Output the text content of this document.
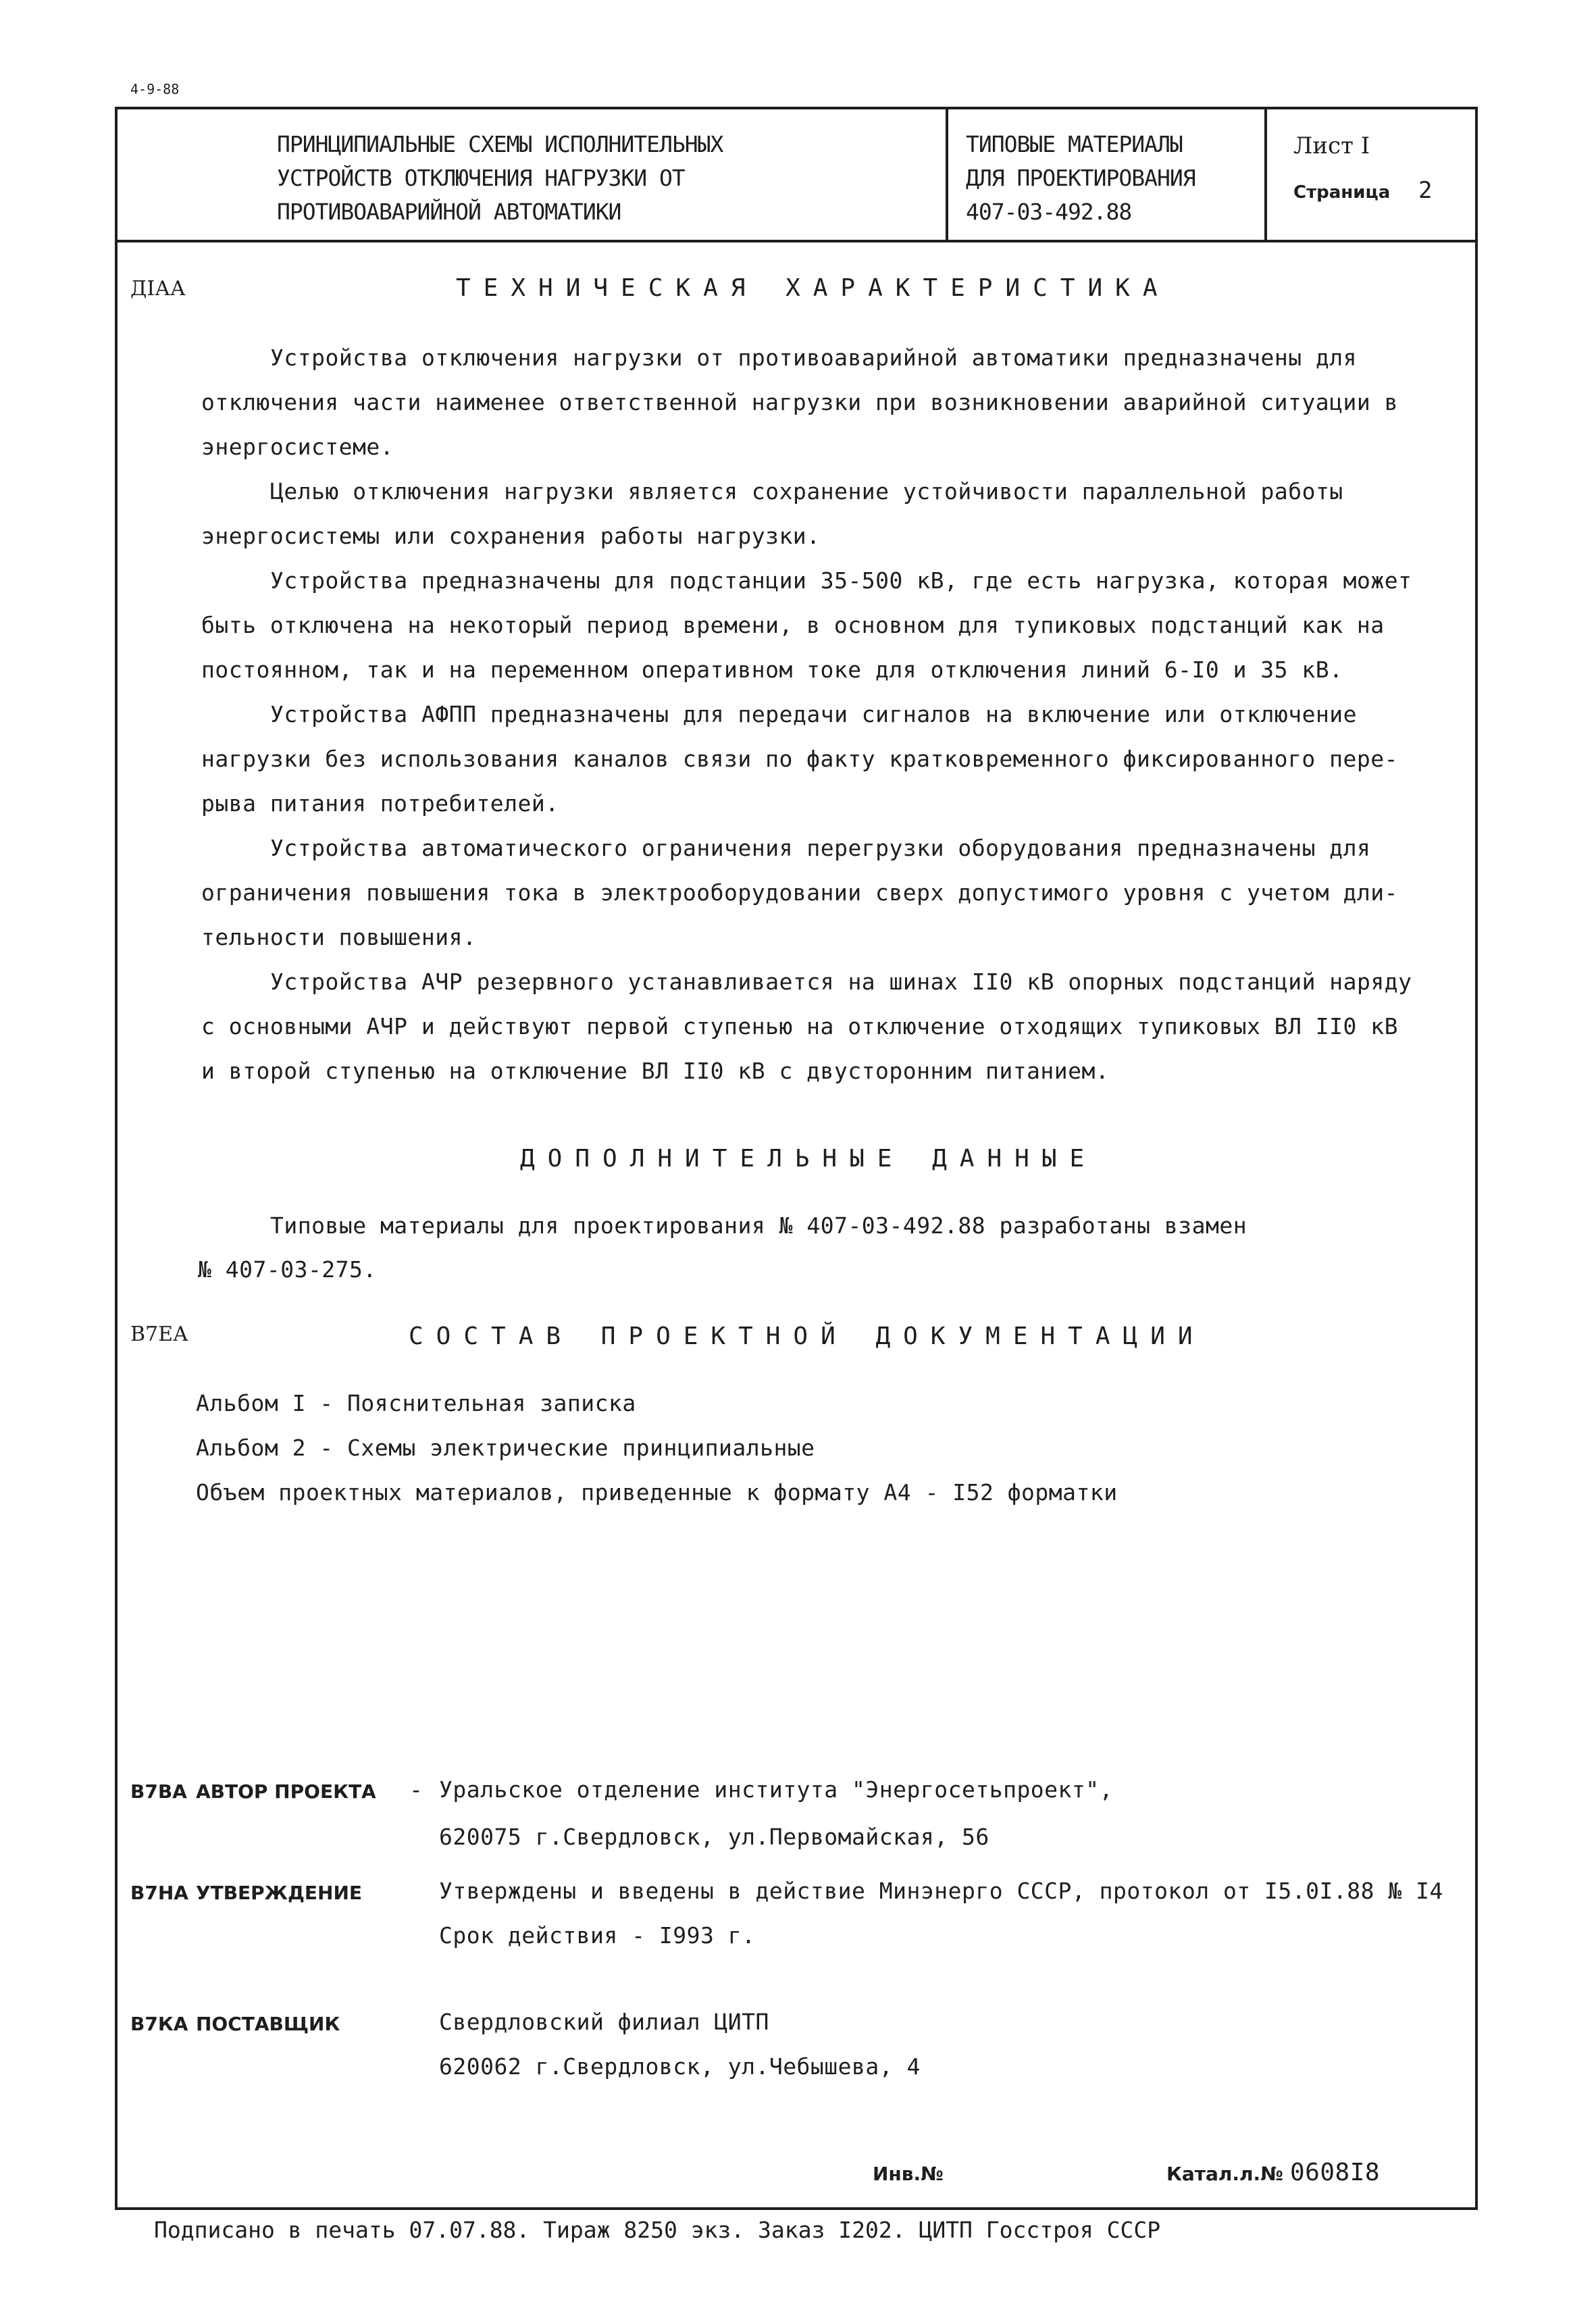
4-9-88
ПРИНЦИПИАЛЬНЫЕ СХЕМЫ ИСПОЛНИТЕЛЬНЫХ
УСТРОЙСТВ ОТКЛЮЧЕНИЯ НАГРУЗКИ ОТ
ПРОТИВОАВАРИЙНОЙ АВТОМАТИКИ
ТИПОВЫЕ МАТЕРИАЛЫ
ДЛЯ ПРОЕКТИРОВАНИЯ
407-03-492.88
Лист I
Страница 2
ДIАА	ТЕХНИЧЕСКАЯ ХАРАКТЕРИСТИКА
Устройства отключения нагрузки от противоаварийной автоматики предназначены для
отключения части наименее ответственной нагрузки при возникновении аварийной ситуации в
энергосистеме.
Целью отключения нагрузки является сохранение устойчивости параллельной работы
энергосистемы или сохранения работы нагрузки.
Устройства предназначены для подстанции 35-500 кВ, где есть нагрузка, которая может
быть отключена на некоторый период времени, в основном для тупиковых подстанций как на
постоянном, так и на переменном оперативном токе для отключения линий 6-I0 и 35 кВ.
Устройства АФПП предназначены для передачи сигналов на включение или отключение
нагрузки без использования каналов связи по факту кратковременного фиксированного пере-
рыва питания потребителей.
Устройства автоматического ограничения перегрузки оборудования предназначены для
ограничения повышения тока в электрооборудовании сверх допустимого уровня с учетом дли-
тельности повышения.
Устройства АЧР резервного устанавливается на шинах II0 кВ опорных подстанций наряду
с основными АЧР и действуют первой ступенью на отключение отходящих тупиковых ВЛ II0 кВ
и второй ступенью на отключение ВЛ II0 кВ с двусторонним питанием.
ДОПОЛНИТЕЛЬНЫЕ ДАННЫЕ
Типовые материалы для проектирования № 407-03-492.88 разработаны взамен
№ 407-03-275.
В7ЕА	СОСТАВ ПРОЕКТНОЙ ДОКУМЕНТАЦИИ
Альбом I - Пояснительная записка
Альбом 2 - Схемы электрические принципиальные
Объем проектных материалов, приведенные к формату А4 - I52 форматки
В7ВА АВТОР ПРОЕКТА - Уральское отделение института "Энергосетьпроект",
620075 г.Свердловск, ул.Первомайская, 56
В7НА УТВЕРЖДЕНИЕ	Утверждены и введены в действие Минэнерго СССР, протокол от I5.0I.88 № I4
Срок действия - I993 г.
В7КА ПОСТАВЩИК	Свердловский филиал ЦИТП
620062 г.Свердловск, ул.Чебышева, 4
Инв.№	Катал.л.№ 0608I8
Подписано в печать 07.07.88. Тираж 8250 экз. Заказ I202. ЦИТП Госстроя СССР
